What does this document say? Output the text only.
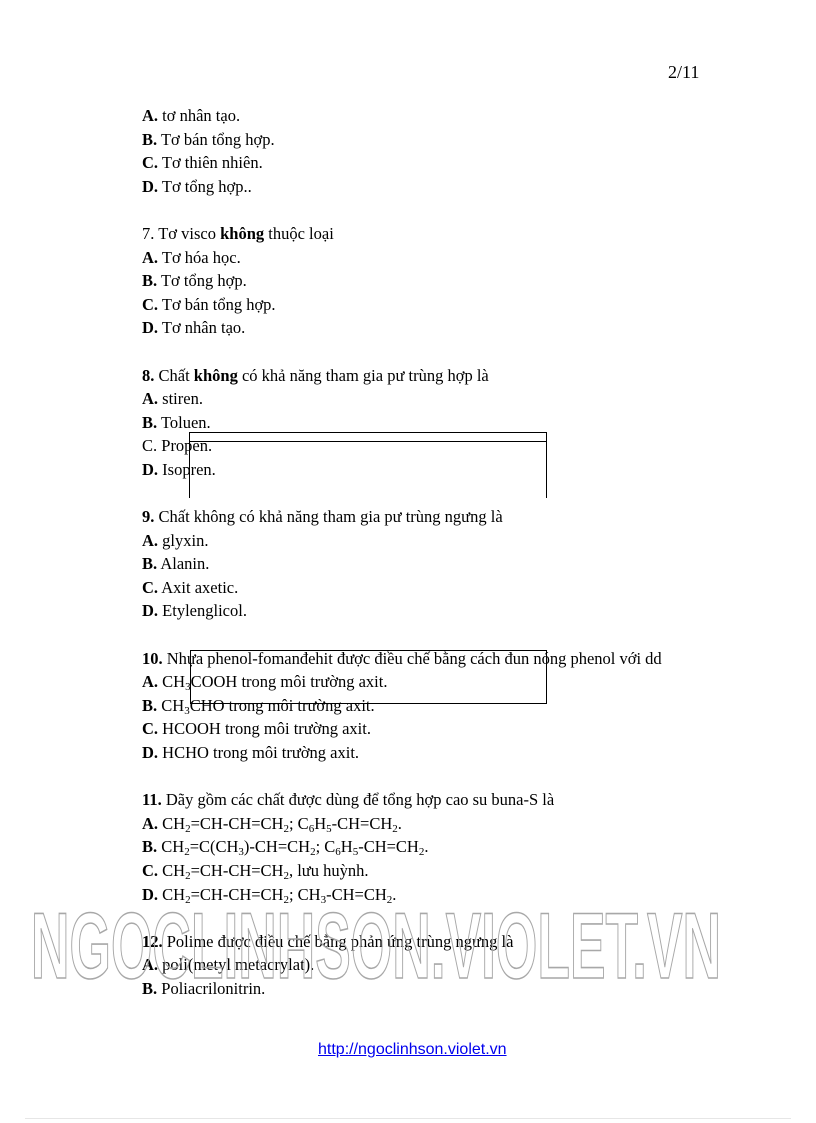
2/11
A. tơ nhân tạo.
B. Tơ bán tổng hợp.
C. Tơ thiên nhiên.
D. Tơ tổng hợp..
7. Tơ visco không thuộc loại
A. Tơ hóa học.
B. Tơ tổng hợp.
C. Tơ bán tổng hợp.
D. Tơ nhân tạo.
8. Chất không có khả năng tham gia pư trùng hợp là
A. stiren.
B. Toluen.
C. Propen.
D. Isopren.
9. Chất không có khả năng tham gia pư trùng ngưng là
A. glyxin.
B. Alanin.
C. Axit axetic.
D. Etylenglicol.
10. Nhựa phenol-fomanđehit được điều chế bằng cách đun nóng phenol với dd
A. $CH_3COOH$ trong môi trường axit.
B. $CH_3CHO$ trong môi trường axit.
C. HCOOH trong môi trường axit.
D. HCHO trong môi trường axit.
11. Dãy gồm các chất được dùng để tổng hợp cao su buna-S là
A. $CH_2=CH-CH=CH_2$; $C_6H_5-CH=CH_2$.
B. $CH_2=C(CH_3)-CH=CH_2$; $C_6H_5-CH=CH_2$.
C. $CH_2=CH-CH=CH_2$, lưu huỳnh.
D. $CH_2=CH-CH=CH_2$; $CH_3-CH=CH_2$.
12. Polime được điều chế bằng phản ứng trùng ngưng là
A. poli(metyl metacrylat).
B. Poliacrilonitrin.
NGOCLINHSON.VIOLET.VN
http://ngoclinhson.violet.vn
